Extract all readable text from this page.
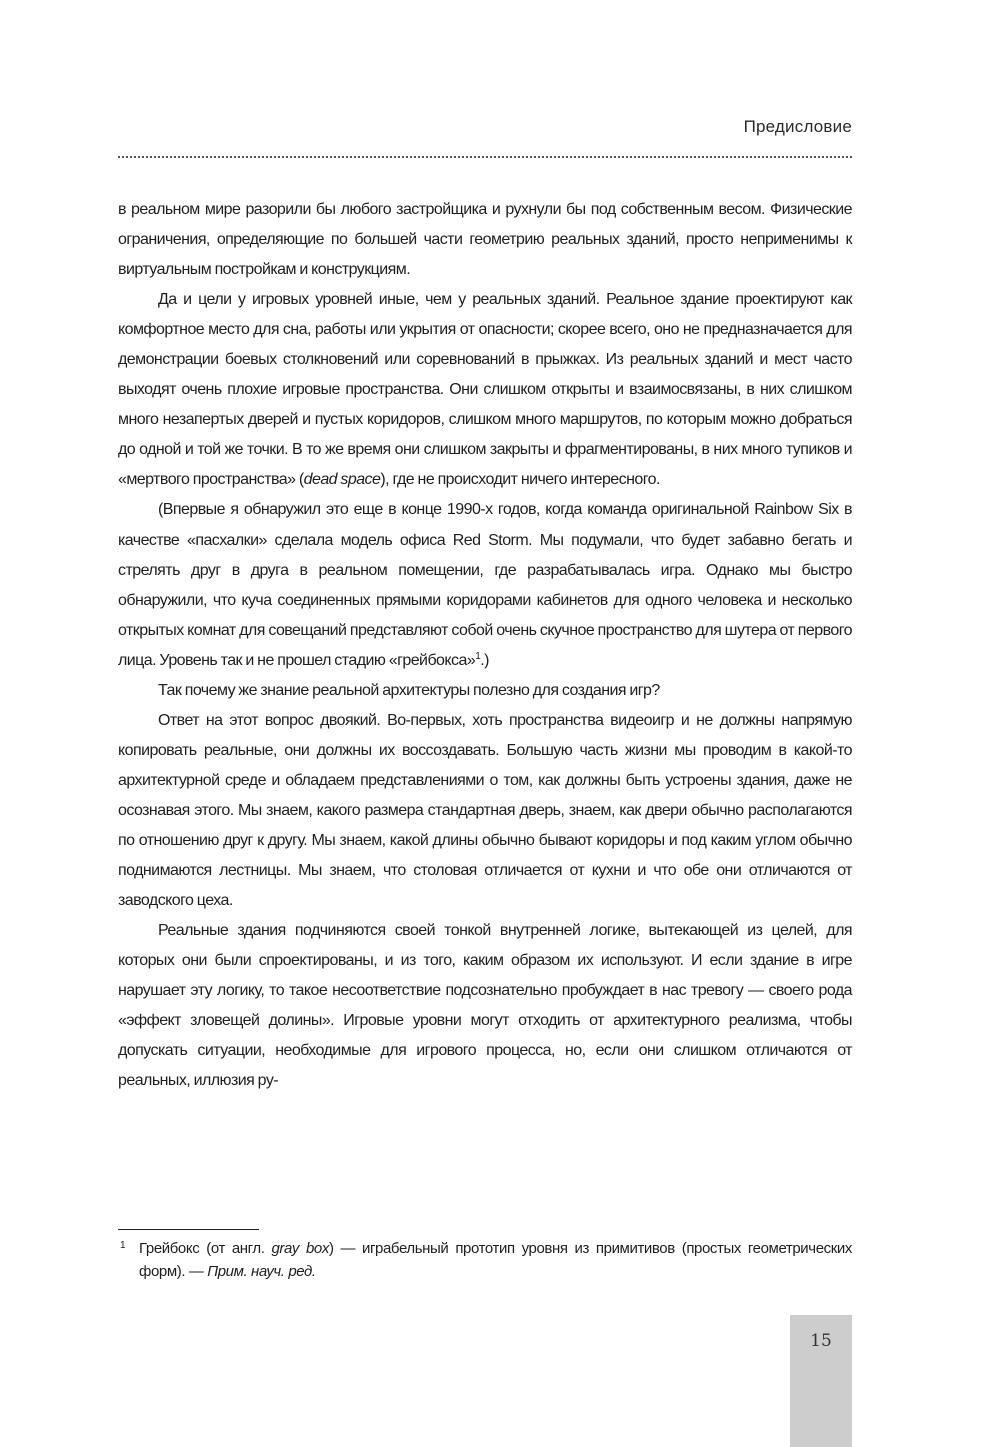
Предисловие

в реальном мире разорили бы любого застройщика и рухнули бы под собственным весом. Физические ограничения, определяющие по большей части геометрию реальных зданий, просто неприменимы к виртуальным постройкам и конструкциям.

Да и цели у игровых уровней иные, чем у реальных зданий. Реальное здание проектируют как комфортное место для сна, работы или укрытия от опасности; скорее всего, оно не предназначается для демонстрации боевых столкновений или соревнований в прыжках. Из реальных зданий и мест часто выходят очень плохие игровые пространства. Они слишком открыты и взаимосвязаны, в них слишком много незапертых дверей и пустых коридоров, слишком много маршрутов, по которым можно добраться до одной и той же точки. В то же время они слишком закрыты и фрагментированы, в них много тупиков и «мертвого пространства» (dead space), где не происходит ничего интересного.

(Впервые я обнаружил это еще в конце 1990-х годов, когда команда оригинальной Rainbow Six в качестве «пасхалки» сделала модель офиса Red Storm. Мы подумали, что будет забавно бегать и стрелять друг в друга в реальном помещении, где разрабатывалась игра. Однако мы быстро обнаружили, что куча соединенных прямыми коридорами кабинетов для одного человека и несколько открытых комнат для совещаний представляют собой очень скучное пространство для шутера от первого лица. Уровень так и не прошел стадию «грейбокса»$^1$.)

Так почему же знание реальной архитектуры полезно для создания игр?

Ответ на этот вопрос двоякий. Во-первых, хоть пространства видеоигр и не должны напрямую копировать реальные, они должны их воссоздавать. Большую часть жизни мы проводим в какой-то архитектурной среде и обладаем представлениями о том, как должны быть устроены здания, даже не осознавая этого. Мы знаем, какого размера стандартная дверь, знаем, как двери обычно располагаются по отношению друг к другу. Мы знаем, какой длины обычно бывают коридоры и под каким углом обычно поднимаются лестницы. Мы знаем, что столовая отличается от кухни и что обе они отличаются от заводского цеха.

Реальные здания подчиняются своей тонкой внутренней логике, вытекающей из целей, для которых они были спроектированы, и из того, каким образом их используют. И если здание в игре нарушает эту логику, то такое несоответствие подсознательно пробуждает в нас тревогу — своего рода «эффект зловещей долины». Игровые уровни могут отходить от архитектурного реализма, чтобы допускать ситуации, необходимые для игрового процесса, но, если они слишком отличаются от реальных, иллюзия ру-

1 Грейбокс (от англ. gray box) — играбельный прототип уровня из примитивов (простых геометрических форм). — Прим. науч. ред.
15
